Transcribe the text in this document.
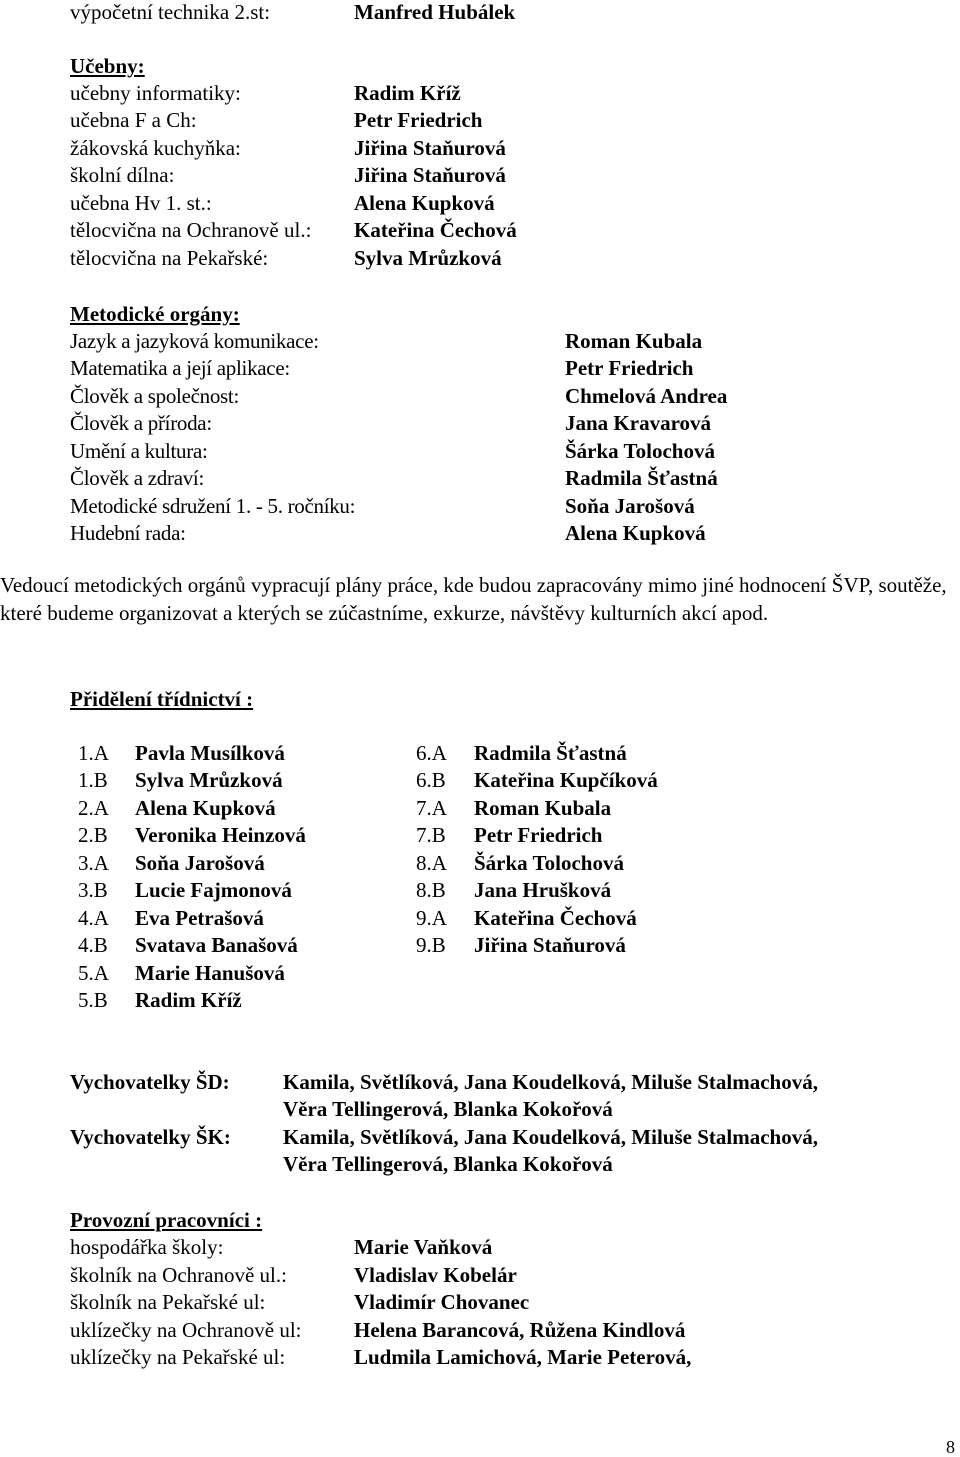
výpočetní technika 2.st:	Manfred Hubálek
Učebny:
učebny informatiky:	Radim Kříž
učebna F a Ch:	Petr Friedrich
žákovská kuchyňka:	Jiřina Staňurová
školní dílna:	Jiřina Staňurová
učebna Hv 1. st.:	Alena Kupková
tělocvična na Ochranově ul.: Kateřina Čechová
tělocvična na Pekařské:	Sylva Mrůzková
Metodické orgány:
Jazyk a jazyková komunikace:	Roman Kubala
Matematika a její aplikace:	Petr Friedrich
Člověk a společnost:	Chmelová Andrea
Člověk a příroda:	Jana Kravarová
Umění a kultura:	Šárka Tolochová
Člověk a zdraví:	Radmila Šťastná
Metodické sdružení 1. - 5. ročníku:	Soňa Jarošová
Hudební rada:	Alena Kupková
Vedoucí metodických orgánů vypracují plány práce, kde budou zapracovány mimo jiné hodnocení ŠVP, soutěže, které budeme organizovat a kterých se zúčastníme, exkurze, návštěvy kulturních akcí apod.
Přidělení třídnictví :
1.A Pavla Musílková
1.B Sylva Mrůzková
2.A Alena Kupková
2.B Veronika Heinzová
3.A Soňa Jarošová
3.B Lucie Fajmonová
4.A Eva Petrašová
4.B Svatava Banašová
5.A Marie Hanušová
5.B Radim Kříž
6.A Radmila Šťastná
6.B Kateřina Kupčíková
7.A Roman Kubala
7.B Petr Friedrich
8.A Šárka Tolochová
8.B Jana Hrušková
9.A Kateřina Čechová
9.B Jiřina Staňurová
Vychovatelky ŠD:	Kamila, Světlíková, Jana Koudelková, Miluše Stalmachová,
Věra Tellingerová, Blanka Kokořová
Vychovatelky ŠK: Kamila, Světlíková, Jana Koudelková, Miluše Stalmachová,
Věra Tellingerová, Blanka Kokořová
Provozní pracovníci :
hospodářka školy:	Marie Vaňková
školník na Ochranově ul.:	Vladislav Kobelár
školník na Pekařské ul:	Vladimír Chovanec
uklízečky na Ochranově ul:	Helena Barancová, Růžena Kindlová
uklízečky na Pekařské ul:	Ludmila Lamichová, Marie Peterová,
8
